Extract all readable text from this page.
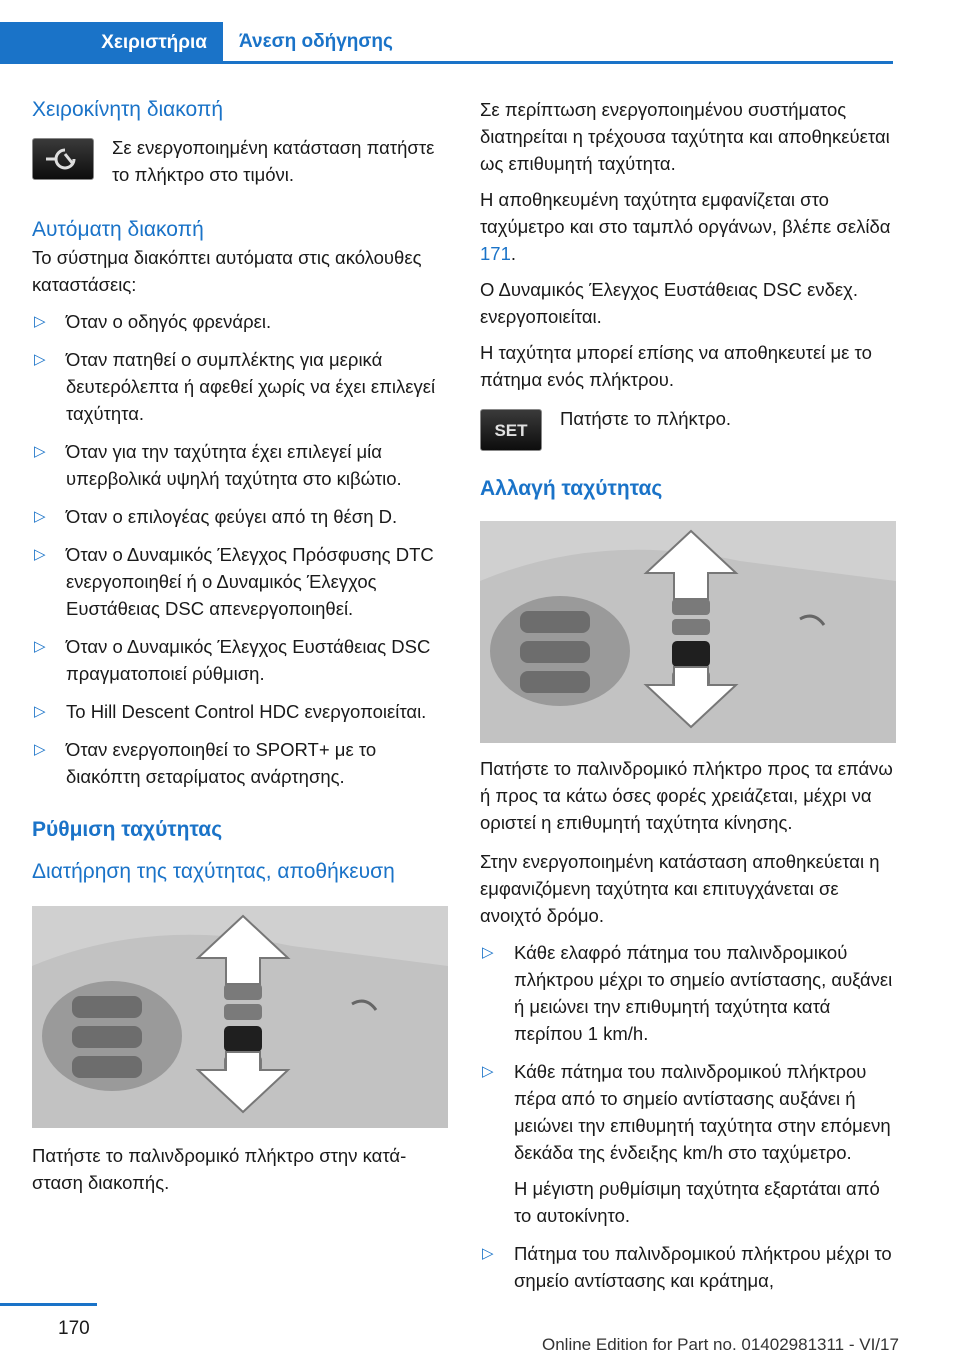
Χειριστήρια	Άνεση οδήγησης
Χειροκίνητη διακοπή

Σε ενεργοποιημένη κατάσταση πατήστε το πλήκτρο στο τιμόνι.

Αυτόματη διακοπή

Το σύστημα διακόπτει αυτόματα στις ακόλουθες καταστάσεις:

▷ Όταν ο οδηγός φρενάρει.
▷ Όταν πατηθεί ο συμπλέκτης για μερικά δευτερόλεπτα ή αφεθεί χωρίς να έχει επιλεγεί ταχύτητα.
▷ Όταν για την ταχύτητα έχει επιλεγεί μία υπερβολικά υψηλή ταχύτητα στο κιβώτιο.
▷ Όταν ο επιλογέας φεύγει από τη θέση D.
▷ Όταν ο Δυναμικός Έλεγχος Πρόσφυσης DTC ενεργοποιηθεί ή ο Δυναμικός Έλεγχος Ευστάθειας DSC απενεργοποιηθεί.
▷ Όταν ο Δυναμικός Έλεγχος Ευστάθειας DSC πραγματοποιεί ρύθμιση.
▷ Το Hill Descent Control HDC ενεργοποιείται.
▷ Όταν ενεργοποιηθεί το SPORT+ με το διακόπτη σεταρίματος ανάρτησης.
Ρύθμιση ταχύτητας
Διατήρηση της ταχύτητας, αποθήκευση

Πατήστε το παλινδρομικό πλήκτρο στην κατάσταση διακοπής.

Σε περίπτωση ενεργοποιημένου συστήματος διατηρείται η τρέχουσα ταχύτητα και αποθηκεύεται ως επιθυμητή ταχύτητα.

Η αποθηκευμένη ταχύτητα εμφανίζεται στο ταχύμετρο και στο ταμπλό οργάνων, βλέπε σελίδα 171.

Ο Δυναμικός Έλεγχος Ευστάθειας DSC ενδεχ. ενεργοποιείται.

Η ταχύτητα μπορεί επίσης να αποθηκευτεί με το πάτημα ενός πλήκτρου.

SET

Πατήστε το πλήκτρο.

Αλλαγή ταχύτητας

Πατήστε το παλινδρομικό πλήκτρο προς τα επάνω ή προς τα κάτω όσες φορές χρειάζεται, μέχρι να οριστεί η επιθυμητή ταχύτητα κίνησης.

Στην ενεργοποιημένη κατάσταση αποθηκεύεται η εμφανιζόμενη ταχύτητα και επιτυγχάνεται σε ανοιχτό δρόμο.

▷ Κάθε ελαφρό πάτημα του παλινδρομικού πλήκτρου μέχρι το σημείο αντίστασης, αυξάνει ή μειώνει την επιθυμητή ταχύτητα κατά περίπου 1 km/h.
▷ Κάθε πάτημα του παλινδρομικού πλήκτρου πέρα από το σημείο αντίστασης αυξάνει ή μειώνει την επιθυμητή ταχύτητα στην επόμενη δεκάδα της ένδειξης km/h στο ταχύμετρο.

Η μέγιστη ρυθμίσιμη ταχύτητα εξαρτάται από το αυτοκίνητο.

▷ Πάτημα του παλινδρομικού πλήκτρου μέχρι το σημείο αντίστασης και κράτημα,
170
Online Edition for Part no. 01402981311 - VI/17
